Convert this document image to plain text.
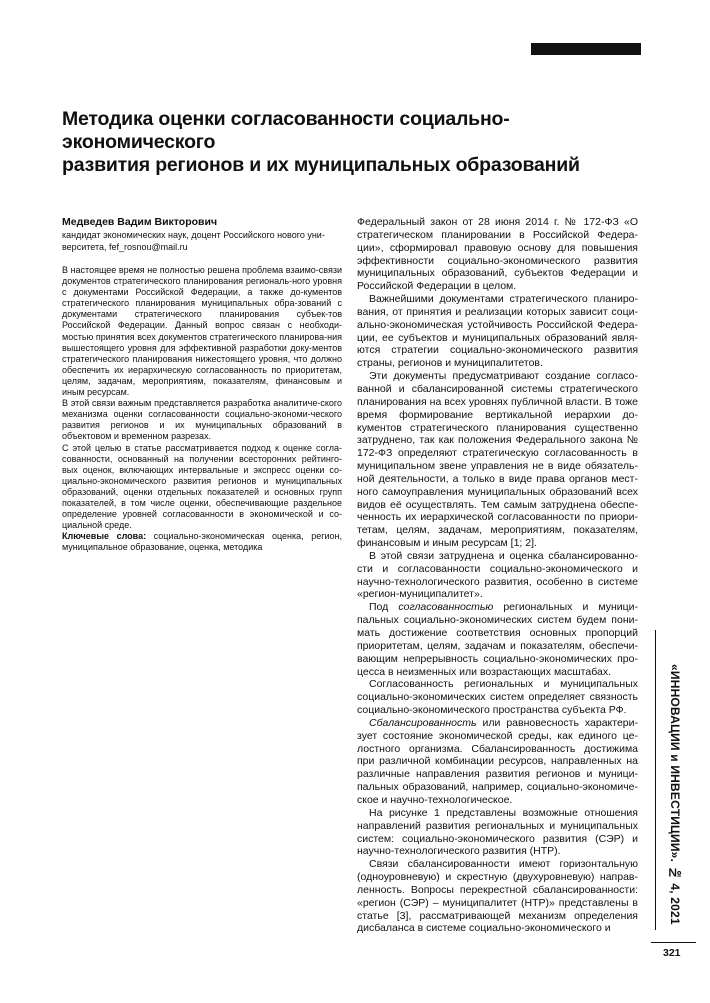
Методика оценки согласованности социально-экономического
развития регионов и их муниципальных образований
Медведев Вадим Викторович
кандидат экономических наук, доцент Российского нового уни-
верситета, fef_rosnou@mail.ru

В настоящее время не полностью решена проблема взаимо-связи документов стратегического планирования региональ-ного уровня с документами Российской Федерации, а также до-кументов стратегического планирования муниципальных обра-зований с документами стратегического планирования субъек-тов Российской Федерации. Данный вопрос связан с необходи-мостью принятия всех документов стратегического планирова-ния вышестоящего уровня для эффективной разработки доку-ментов стратегического планирования нижестоящего уровня, что должно обеспечить их иерархическую согласованность по приоритетам, целям, задачам, мероприятиям, показателям, финансовым и иным ресурсам.

В этой связи важным представляется разработка аналитиче-ского механизма оценки согласованности социально-экономи-ческого развития регионов и их муниципальных образований в объектовом и временном разрезах.

С этой целью в статье рассматривается подход к оценке согла-сованности, основанный на получении всесторонних рейтинго-вых оценок, включающих интервальные и экспресс оценки со-циально-экономического развития регионов и муниципальных образований, оценки отдельных показателей и основных групп показателей, в том числе оценки, обеспечивающие раздельное определение уровней согласованности в экономической и со-циальной среде.

Ключевые слова: социально-экономическая оценка, регион, муниципальное образование, оценка, методика

Федеральный закон от 28 июня 2014 г. № 172-ФЗ «О стратегическом планировании в Российской Федера-ции», сформировал правовую основу для повышения эффективности социально-экономического развития муниципальных образований, субъектов Федерации и Российской Федерации в целом.

Важнейшими документами стратегического планиро-вания, от принятия и реализации которых зависит соци-ально-экономическая устойчивость Российской Федера-ции, ее субъектов и муниципальных образований явля-ются стратегии социально-экономического развития страны, регионов и муниципалитетов.

Эти документы предусматривают создание согласо-ванной и сбалансированной системы стратегического планирования на всех уровнях публичной власти. В тоже время формирование вертикальной иерархии до-кументов стратегического планирования существенно затруднено, так как положения Федерального закона № 172-ФЗ определяют стратегическую согласованность в муниципальном звене управления не в виде обязатель-ной деятельности, а только в виде права органов мест-ного самоуправления муниципальных образований всех видов её осуществлять. Тем самым затруднена обеспе-ченность их иерархической согласованности по приори-тетам, целям, задачам, мероприятиям, показателям, финансовым и иным ресурсам [1; 2].

В этой связи затруднена и оценка сбалансированно-сти и согласованности социально-экономического и научно-технологического развития, особенно в системе «регион-муниципалитет».

Под согласованностью региональных и муници-пальных социально-экономических систем будем пони-мать достижение соответствия основных пропорций приоритетам, целям, задачам и показателям, обеспечи-вающим непрерывность социально-экономических про-цесса в неизменных или возрастающих масштабах.

Согласованность региональных и муниципальных социально-экономических систем определяет связность социально-экономического пространства субъекта РФ.

Сбалансированность или равновесность характери-зует состояние экономической среды, как единого це-лостного организма. Сбалансированность достижима при различной комбинации ресурсов, направленных на различные направления развития регионов и муници-пальных образований, например, социально-экономиче-ское и научно-технологическое.

На рисунке 1 представлены возможные отношения направлений развития региональных и муниципальных систем: социально-экономического развития (СЭР) и научно-технологического развития (НТР).

Связи сбалансированности имеют горизонтальную (одноуровневую) и скрестную (двухуровневую) направ-ленность. Вопросы перекрестной сбалансированности: «регион (СЭР) – муниципалитет (НТР)» представлены в статье [3], рассматривающей механизм определения дисбаланса в системе социально-экономического и

«ИННОВАЦИИ и ИНВЕСТИЦИИ». № 4, 2021
321
